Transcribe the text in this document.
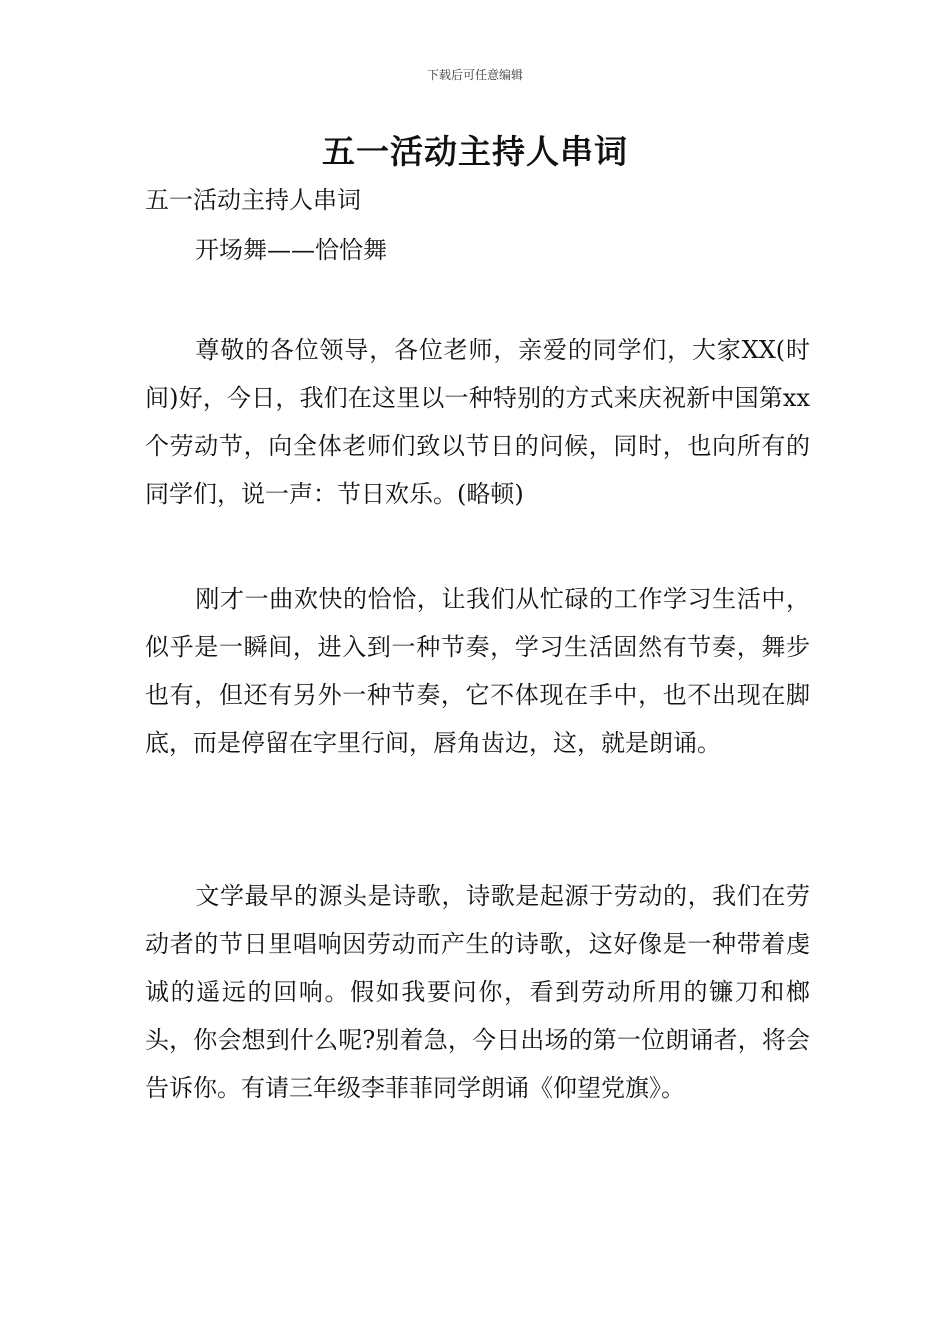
下载后可任意编辑
五一活动主持人串词
五一活动主持人串词
开场舞——恰恰舞

尊敬的各位领导，各位老师，亲爱的同学们，大家XX(时间)好，今日，我们在这里以一种特别的方式来庆祝新中国第xx个劳动节，向全体老师们致以节日的问候，同时，也向所有的同学们，说一声：节日欢乐。(略顿)

刚才一曲欢快的恰恰，让我们从忙碌的工作学习生活中，似乎是一瞬间，进入到一种节奏，学习生活固然有节奏，舞步也有，但还有另外一种节奏，它不体现在手中，也不出现在脚底，而是停留在字里行间，唇角齿边，这，就是朗诵。

文学最早的源头是诗歌，诗歌是起源于劳动的，我们在劳动者的节日里唱响因劳动而产生的诗歌，这好像是一种带着虔诚的遥远的回响。假如我要问你，看到劳动所用的镰刀和榔头，你会想到什么呢?别着急，今日出场的第一位朗诵者，将会告诉你。有请三年级李菲菲同学朗诵《仰望党旗》。
